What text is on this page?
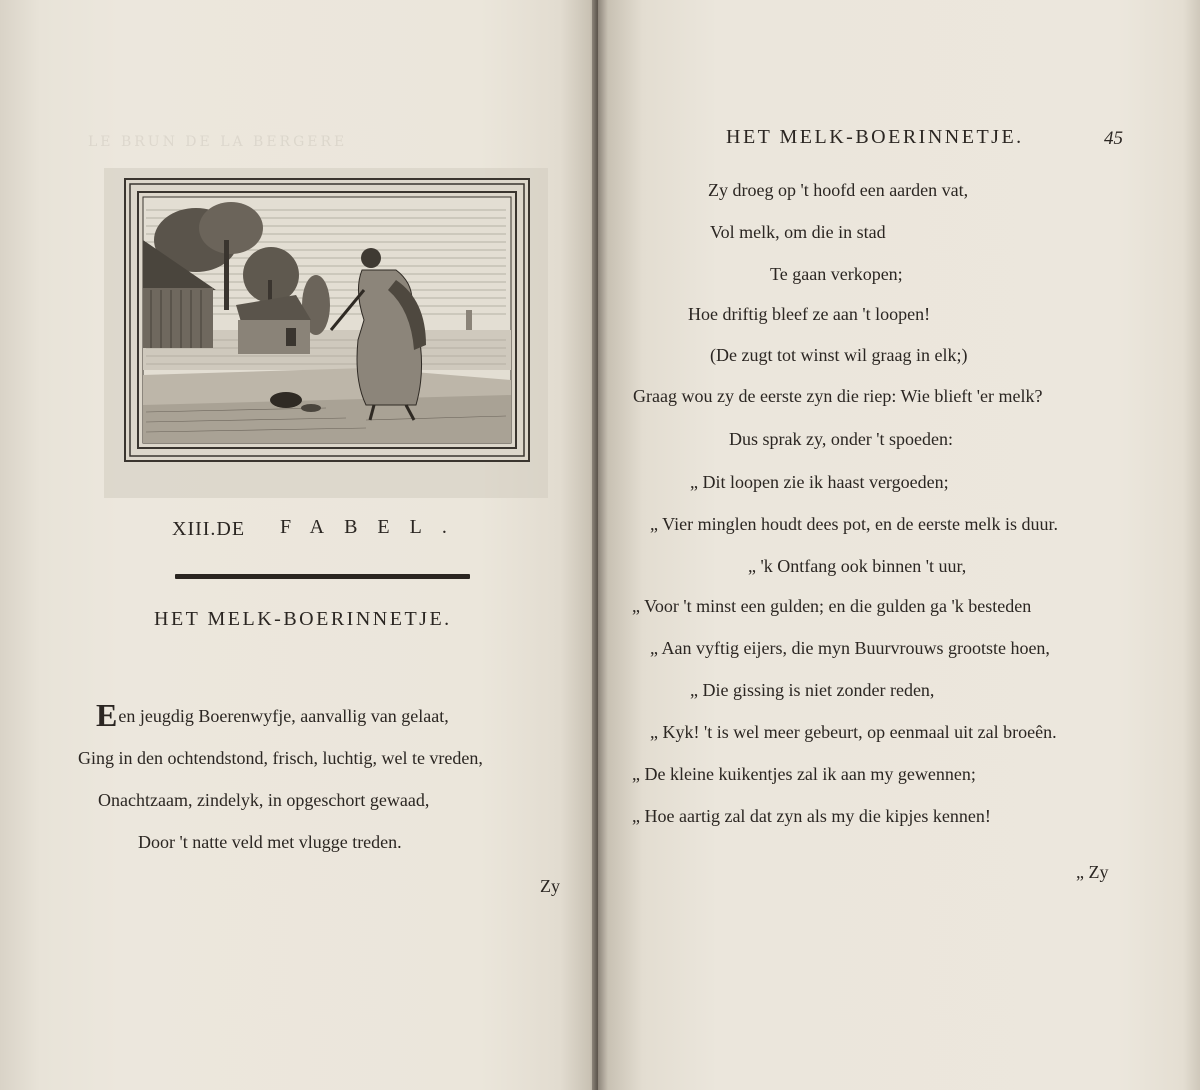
LE BRUN DE LA BERGERE
XIII.DE FABEL.
HET MELK-BOERINNETJE.
Een jeugdig Boerenwyfje, aanvallig van gelaat,
Ging in den ochtendstond, frisch, luchtig, wel te vreden,
Onachtzaam, zindelyk, in opgeschort gewaad,
Door 't natte veld met vlugge treden.
Zy
HET MELK-BOERINNETJE.	45
Zy droeg op 't hoofd een aarden vat,
Vol melk, om die in stad
Te gaan verkopen;
Hoe driftig bleef ze aan 't loopen!
(De zugt tot winst wil graag in elk;)
Graag wou zy de eerste zyn die riep: Wie blieft 'er melk?
Dus sprak zy, onder 't spoeden:
„ Dit loopen zie ik haast vergoeden;
„ Vier minglen houdt dees pot, en de eerste melk is duur.
„ 'k Ontfang ook binnen 't uur,
„ Voor 't minst een gulden; en die gulden ga 'k besteden
„ Aan vyftig eijers, die myn Buurvrouws grootste hoen,
„ Die gissing is niet zonder reden,
„ Kyk! 't is wel meer gebeurt, op eenmaal uit zal broeên.
„ De kleine kuikentjes zal ik aan my gewennen;
„ Hoe aartig zal dat zyn als my die kipjes kennen!
„ Zy
